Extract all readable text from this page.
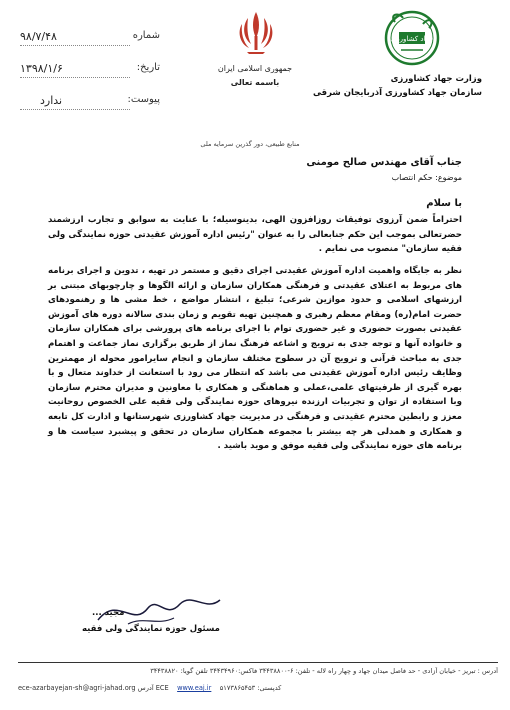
۹۸/۷/۴۸	شماره
۱۳۹۸/۱/۶	تاریخ:
ندارد	پیوست:
جمهوری اسلامی ایران
باسمه تعالی
جهاد کشاورزی
وزارت جهاد کشاورزی
سازمان جهاد کشاورزی آذربایجان شرقی
منابع طبیعی، دور گذرین سرمایه ملی
جناب آقای مهندس صالح مومنی
موضوع: حکم انتصاب
با سلام
احتراماً ضمن آرزوی توفیقات روزافزون الهی، بدینوسیله؛ با عنایت به سوابق و تجارب ارزشمند حضرتعالی بموجب این حکم جنابعالی را به عنوان "رئیس اداره آموزش عقیدتی حوزه نمایندگی ولی فقیه سازمان" منصوب می نمایم .
نظر به جایگاه واهمیت اداره آموزش عقیدتی اجرای دقیق و مستمر در تهیه ، تدوین و اجرای برنامه های مربوط به اعتلای عقیدتی و فرهنگی همکاران سازمان و ارائه الگوها و چارچوبهای مبتنی بر ارزشهای اسلامی و حدود موازین شرعی؛ تبلیغ ، انتشار مواضع ، خط مشی ها و رهنمودهای حضرت امام(ره) ومقام معظم رهبری و همچنین تهیه تقویم و زمان بندی سالانه دوره های آموزش عقیدتی بصورت حضوری و غیر حضوری توام با اجرای برنامه های پرورشی برای همکاران سازمان و خانواده آنها و توجه جدی به ترویج و اشاعه فرهنگ نماز از طریق برگزاری نماز جماعت و اهتمام جدی به مباحث قرآنی و ترویج آن در سطوح مختلف سازمان و انجام سایرامور محوله از مهمترین وظایف رئیس اداره آموزش عقیدتی می باشد که انتظار می رود با استعانت از خداوند متعال و با بهره گیری از ظرفیتهای علمی،عملی و هماهنگی و همکاری با معاونین و مدیران محترم سازمان وبا استفاده از توان و تجربیات ارزنده نیروهای حوزه نمایندگی ولی فقیه علی الخصوص روحانیت معزز و رابطین محترم عقیدتی و فرهنگی در مدیریت جهاد کشاورزی شهرستانها و ادارت کل تابعه و همکاری و همدلی هر چه بیشتر با مجموعه همکاران سازمان در تحقق و پیشبرد سیاست ها و برنامه های حوزه نمایندگی ولی فقیه موفق و موید باشید .
مجید ...
مسئول حوزه نمایندگی ولی فقیه
آدرس : تبریز - خیابان آزادی - حد فاصل میدان جهاد و چهار راه لاله - تلفن: ۶-۳۴۴۳۸۸۰۰ فاکس:۳۴۴۳۴۹۶۰ تلفن گویا: ۳۴۴۳۸۸۲۰
ece-azarbayejan-sh@agri-jahad.org آدرس ECE www.eaj.ir کدپستی: ۵۱۷۳۸۶۵۴۵۳
